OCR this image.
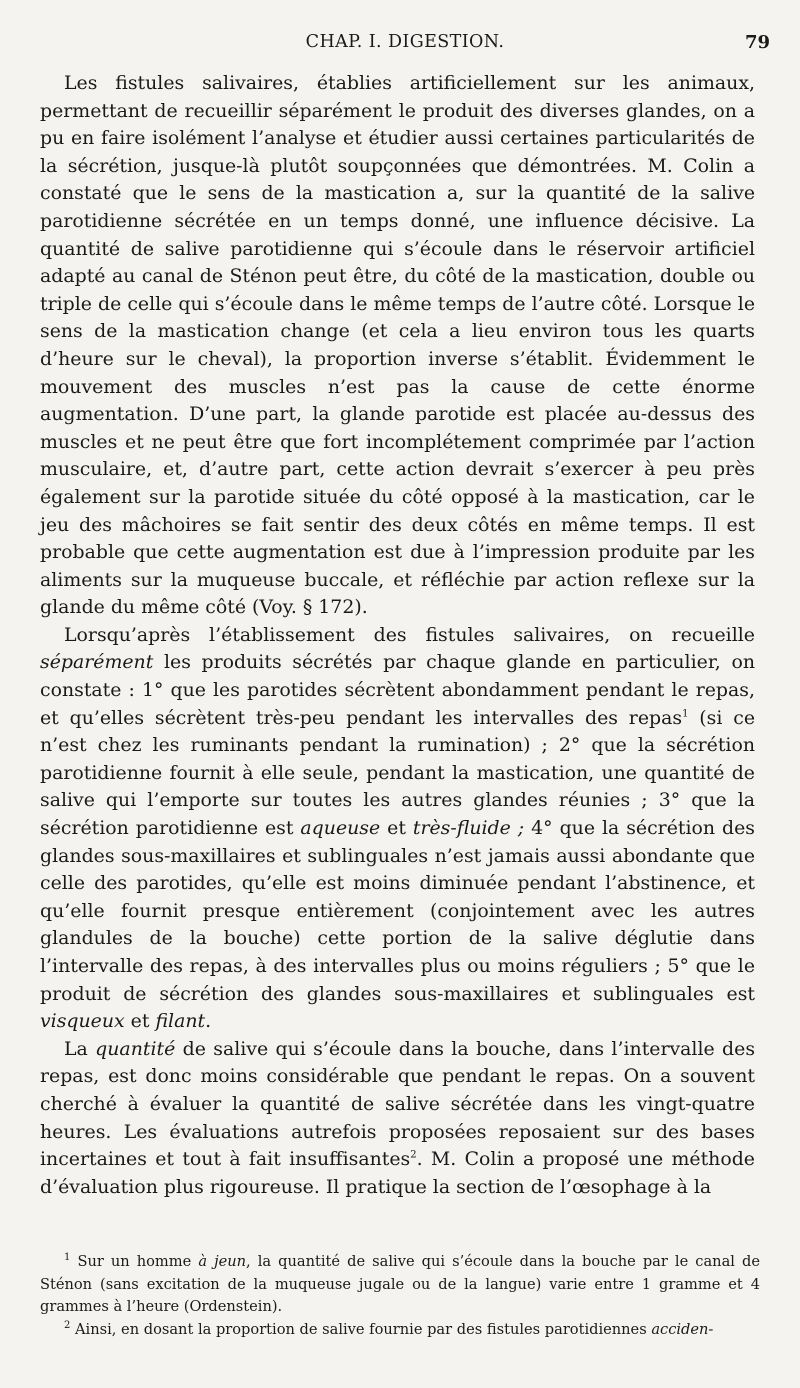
CHAP. I. DIGESTION.	79

Les fistules salivaires, établies artificiellement sur les animaux, permettant de recueillir séparément le produit des diverses glandes, on a pu en faire isolément l’analyse et étudier aussi certaines particularités de la sécrétion, jusque-là plutôt soupçonnées que démontrées. M. Colin a constaté que le sens de la mastication a, sur la quantité de la salive parotidienne sécrétée en un temps donné, une influence décisive. La quantité de salive parotidienne qui s’écoule dans le réservoir artificiel adapté au canal de Sténon peut être, du côté de la mastication, double ou triple de celle qui s’écoule dans le même temps de l’autre côté. Lorsque le sens de la mastication change (et cela a lieu environ tous les quarts d’heure sur le cheval), la proportion inverse s’établit. Évidemment le mouvement des muscles n’est pas la cause de cette énorme augmentation. D’une part, la glande parotide est placée au-dessus des muscles et ne peut être que fort incomplétement comprimée par l’action musculaire, et, d’autre part, cette action devrait s’exercer à peu près également sur la parotide située du côté opposé à la mastication, car le jeu des mâchoires se fait sentir des deux côtés en même temps. Il est probable que cette augmentation est due à l’impression produite par les aliments sur la muqueuse buccale, et réfléchie par action reflexe sur la glande du même côté (Voy. § 172).

Lorsqu’après l’établissement des fistules salivaires, on recueille séparément les produits sécrétés par chaque glande en particulier, on constate : 1° que les parotides sécrètent abondamment pendant le repas, et qu’elles sécrètent très-peu pendant les intervalles des repas$^1$ (si ce n’est chez les ruminants pendant la rumination) ; 2° que la sécrétion parotidienne fournit à elle seule, pendant la mastication, une quantité de salive qui l’emporte sur toutes les autres glandes réunies ; 3° que la sécrétion parotidienne est aqueuse et très-fluide ; 4° que la sécrétion des glandes sous-maxillaires et sublinguales n’est jamais aussi abondante que celle des parotides, qu’elle est moins diminuée pendant l’abstinence, et qu’elle fournit presque entièrement (conjointement avec les autres glandules de la bouche) cette portion de la salive déglutie dans l’intervalle des repas, à des intervalles plus ou moins réguliers ; 5° que le produit de sécrétion des glandes sous-maxillaires et sublinguales est visqueux et filant.

La quantité de salive qui s’écoule dans la bouche, dans l’intervalle des repas, est donc moins considérable que pendant le repas. On a souvent cherché à évaluer la quantité de salive sécrétée dans les vingt-quatre heures. Les évaluations autrefois proposées reposaient sur des bases incertaines et tout à fait insuffisantes$^2$. M. Colin a proposé une méthode d’évaluation plus rigoureuse. Il pratique la section de l’œsophage à la

$^1$ Sur un homme à jeun, la quantité de salive qui s’écoule dans la bouche par le canal de Sténon (sans excitation de la muqueuse jugale ou de la langue) varie entre 1 gramme et 4 grammes à l’heure (Ordenstein).

$^2$ Ainsi, en dosant la proportion de salive fournie par des fistules parotidiennes acciden-
